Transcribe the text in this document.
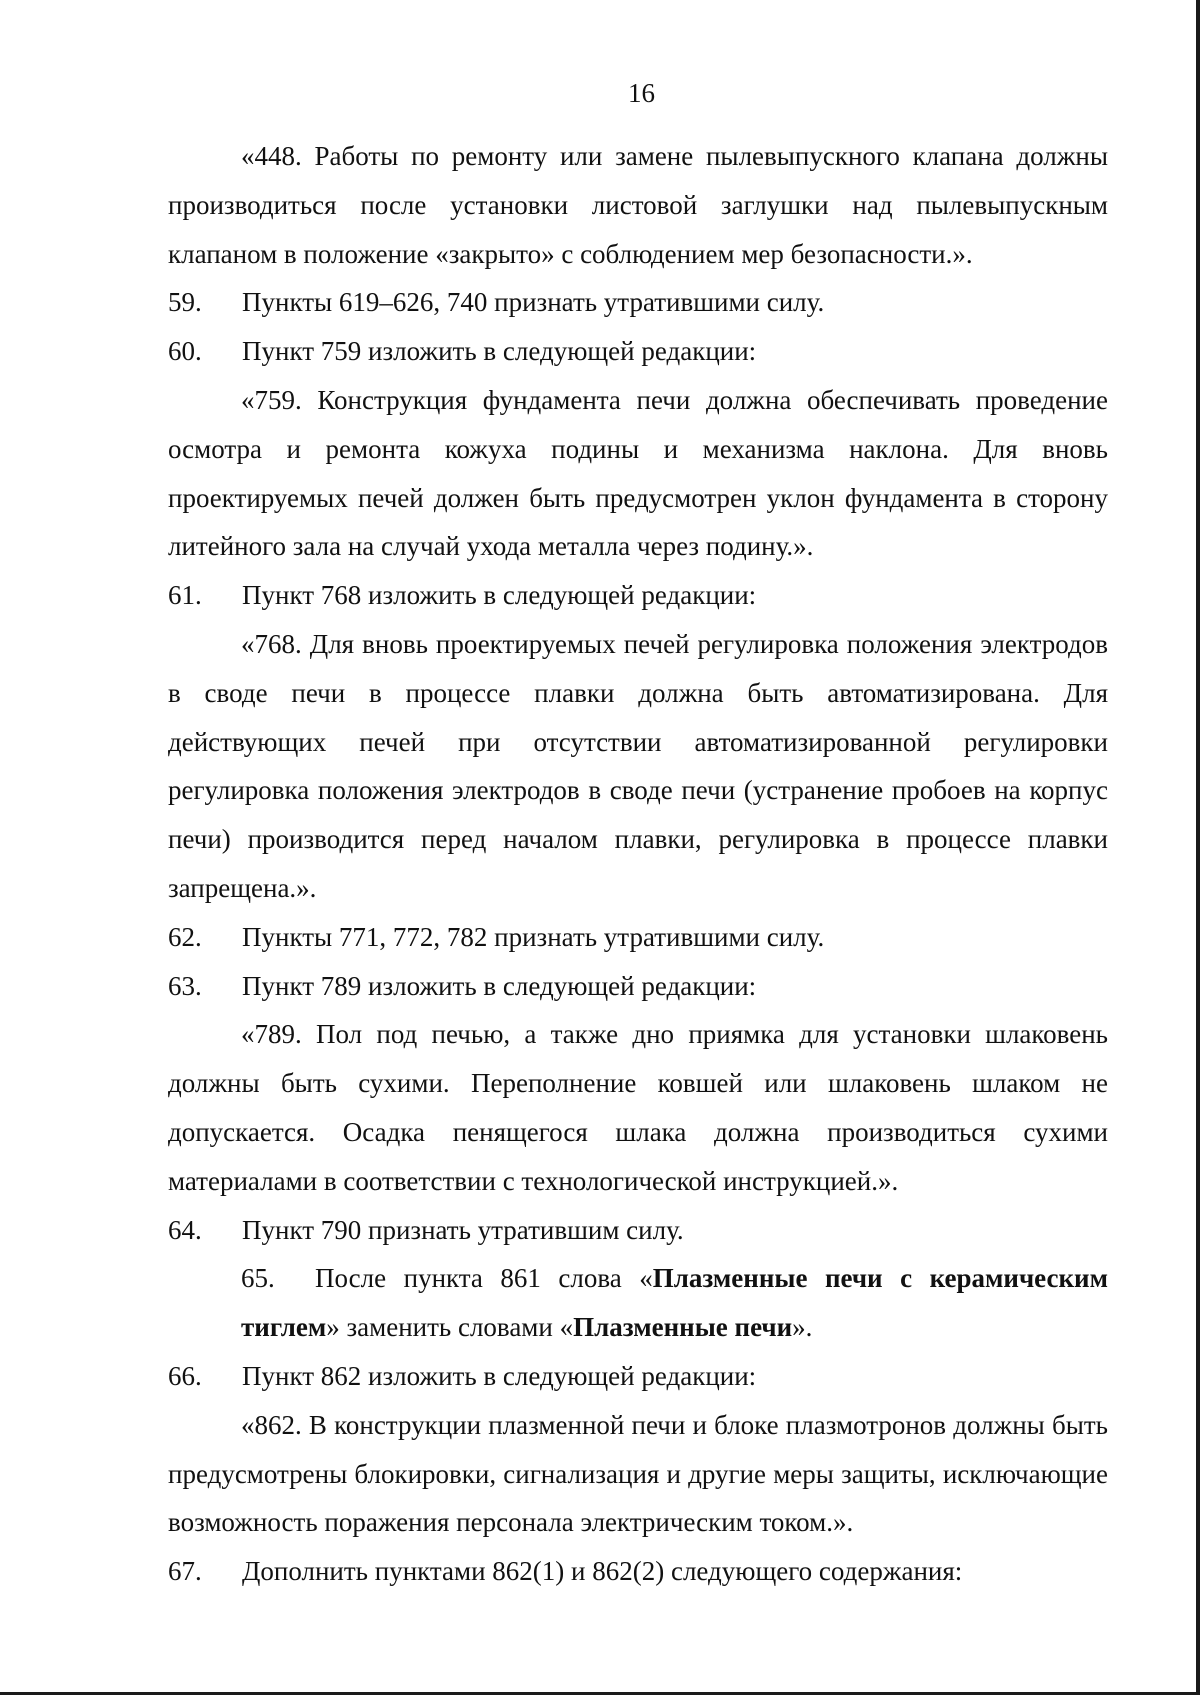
16

«448. Работы по ремонту или замене пылевыпускного клапана должны производиться после установки листовой заглушки над пылевыпускным клапаном в положение «закрыто» с соблюдением мер безопасности.».

59.	Пункты 619–626, 740 признать утратившими силу.

60.	Пункт 759 изложить в следующей редакции:

«759. Конструкция фундамента печи должна обеспечивать проведение осмотра и ремонта кожуха подины и механизма наклона. Для вновь проектируемых печей должен быть предусмотрен уклон фундамента в сторону литейного зала на случай ухода металла через подину.».

61.	Пункт 768 изложить в следующей редакции:

«768. Для вновь проектируемых печей регулировка положения электродов в своде печи в процессе плавки должна быть автоматизирована. Для действующих печей при отсутствии автоматизированной регулировки регулировка положения электродов в своде печи (устранение пробоев на корпус печи) производится перед началом плавки, регулировка в процессе плавки запрещена.».

62.	Пункты 771, 772, 782 признать утратившими силу.

63.	Пункт 789 изложить в следующей редакции:

«789. Пол под печью, а также дно приямка для установки шлаковень должны быть сухими. Переполнение ковшей или шлаковень шлаком не допускается. Осадка пенящегося шлака должна производиться сухими материалами в соответствии с технологической инструкцией.».

64.	Пункт 790 признать утратившим силу.

65. После пункта 861 слова «Плазменные печи с керамическим тиглем» заменить словами «Плазменные печи».

66.	Пункт 862 изложить в следующей редакции:

«862. В конструкции плазменной печи и блоке плазмотронов должны быть предусмотрены блокировки, сигнализация и другие меры защиты, исключающие возможность поражения персонала электрическим током.».

67.	Дополнить пунктами 862(1) и 862(2) следующего содержания:
